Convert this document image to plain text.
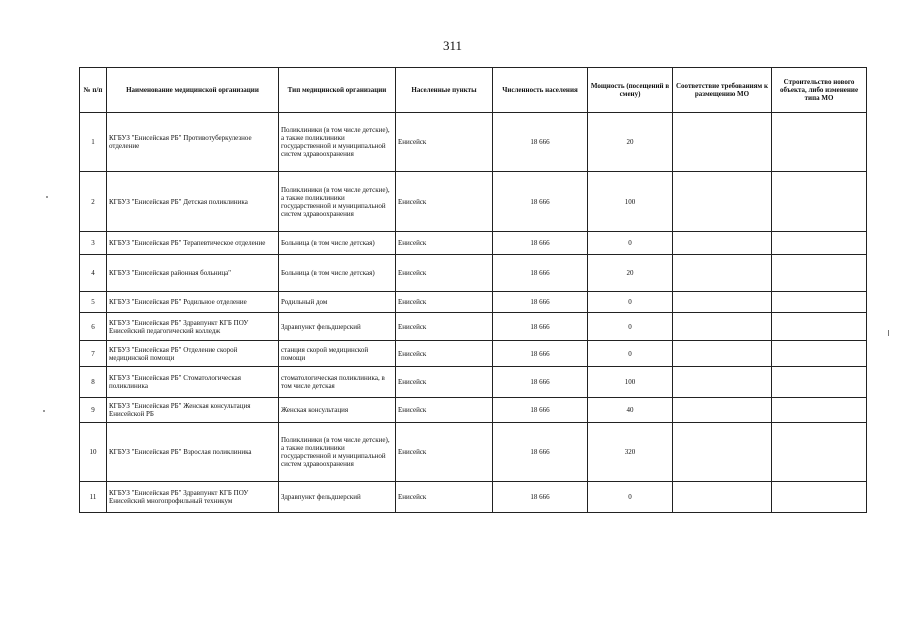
311
№ п/п	Наименование медицинской организации	Тип медицинской организации	Населенные пункты	Численность населения	Мощность (посещений в смену)	Соответствие требованиям к размещению МО	Строительство нового объекта, либо изменение типа МО
1	КГБУЗ "Енисейская РБ" Противотуберкулезное отделение	Поликлиники (в том числе детские), а также поликлиники государственной и муниципальной систем здравоохранения	Енисейск	18 666	20		
2	КГБУЗ "Енисейская РБ" Детская поликлиника	Поликлиники (в том числе детские), а также поликлиники государственной и муниципальной систем здравоохранения	Енисейск	18 666	100		
3	КГБУЗ "Енисейская РБ" Терапевтическое отделение	Больница (в том числе детская)	Енисейск	18 666	0		
4	КГБУЗ "Енисейская районная больница"	Больница (в том числе детская)	Енисейск	18 666	20		
5	КГБУЗ "Енисейская РБ" Родильное отделение	Родильный дом	Енисейск	18 666	0		
6	КГБУЗ "Енисейская РБ" Здравпункт КГБ ПОУ Енисейский педагогический колледж	Здравпункт фельдшерский	Енисейск	18 666	0		
7	КГБУЗ "Енисейская РБ" Отделение скорой медицинской помощи	станция скорой медицинской помощи	Енисейск	18 666	0		
8	КГБУЗ "Енисейская РБ" Стоматологическая поликлиника	стоматологическая поликлиника, в том числе детская	Енисейск	18 666	100		
9	КГБУЗ "Енисейская РБ" Женская консультация Енисейской РБ	Женская консультация	Енисейск	18 666	40		
10	КГБУЗ "Енисейская РБ" Взрослая поликлиника	Поликлиники (в том числе детские), а также поликлиники государственной и муниципальной систем здравоохранения	Енисейск	18 666	320		
11	КГБУЗ "Енисейская РБ" Здравпункт КГБ ПОУ Енисейский многопрофильный техникум	Здравпункт фельдшерский	Енисейск	18 666	0		
